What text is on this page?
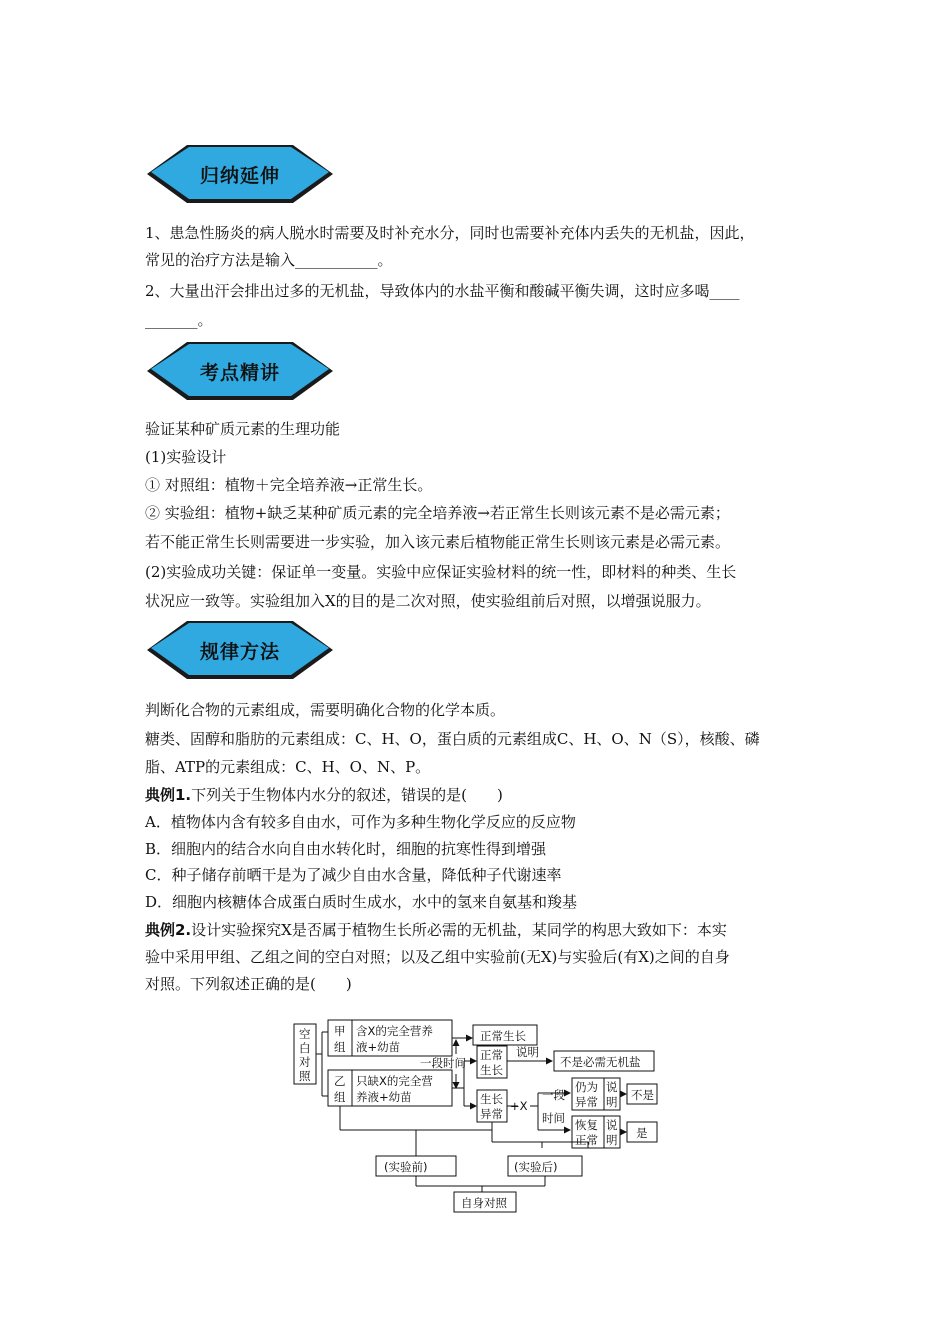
归纳延伸
1、患急性肠炎的病人脱水时需要及时补充水分，同时也需要补充体内丢失的无机盐，因此，
常见的治疗方法是输入___________。
2、大量出汗会排出过多的无机盐，导致体内的水盐平衡和酸碱平衡失调，这时应多喝____
_______。
考点精讲
验证某种矿质元素的生理功能
(1)实验设计
① 对照组：植物＋完全培养液→正常生长。
② 实验组：植物+缺乏某种矿质元素的完全培养液→若正常生长则该元素不是必需元素；
若不能正常生长则需要进一步实验，加入该元素后植物能正常生长则该元素是必需元素。
(2)实验成功关键：保证单一变量。实验中应保证实验材料的统一性，即材料的种类、生长
状况应一致等。实验组加入X的目的是二次对照，使实验组前后对照，以增强说服力。
规律方法
判断化合物的元素组成，需要明确化合物的化学本质。
糖类、固醇和脂肪的元素组成：C、H、O，蛋白质的元素组成C、H、O、N（S），核酸、磷
脂、ATP的元素组成：C、H、O、N、P。
典例1.下列关于生物体内水分的叙述，错误的是(　　)
A．植物体内含有较多自由水，可作为多种生物化学反应的反应物
B．细胞内的结合水向自由水转化时，细胞的抗寒性得到增强
C．种子储存前晒干是为了减少自由水含量，降低种子代谢速率
D．细胞内核糖体合成蛋白质时生成水，水中的氢来自氨基和羧基
典例2.设计实验探究X是否属于植物生长所必需的无机盐，某同学的构思大致如下：本实
验中采用甲组、乙组之间的空白对照；以及乙组中实验前(无X)与实验后(有X)之间的自身
对照。下列叙述正确的是(　　)
空
白
对
照
甲
组
含X的完全营养
液+幼苗
乙
组
只缺X的完全营
养液+幼苗
正常生长
一段时间
正常
生长
说明
不是必需无机盐
生长
异常
+X
一段
时间
仍为
异常
说
明 不是
恢复
正常
说
明 是
(实验前)	(实验后)
自身对照
